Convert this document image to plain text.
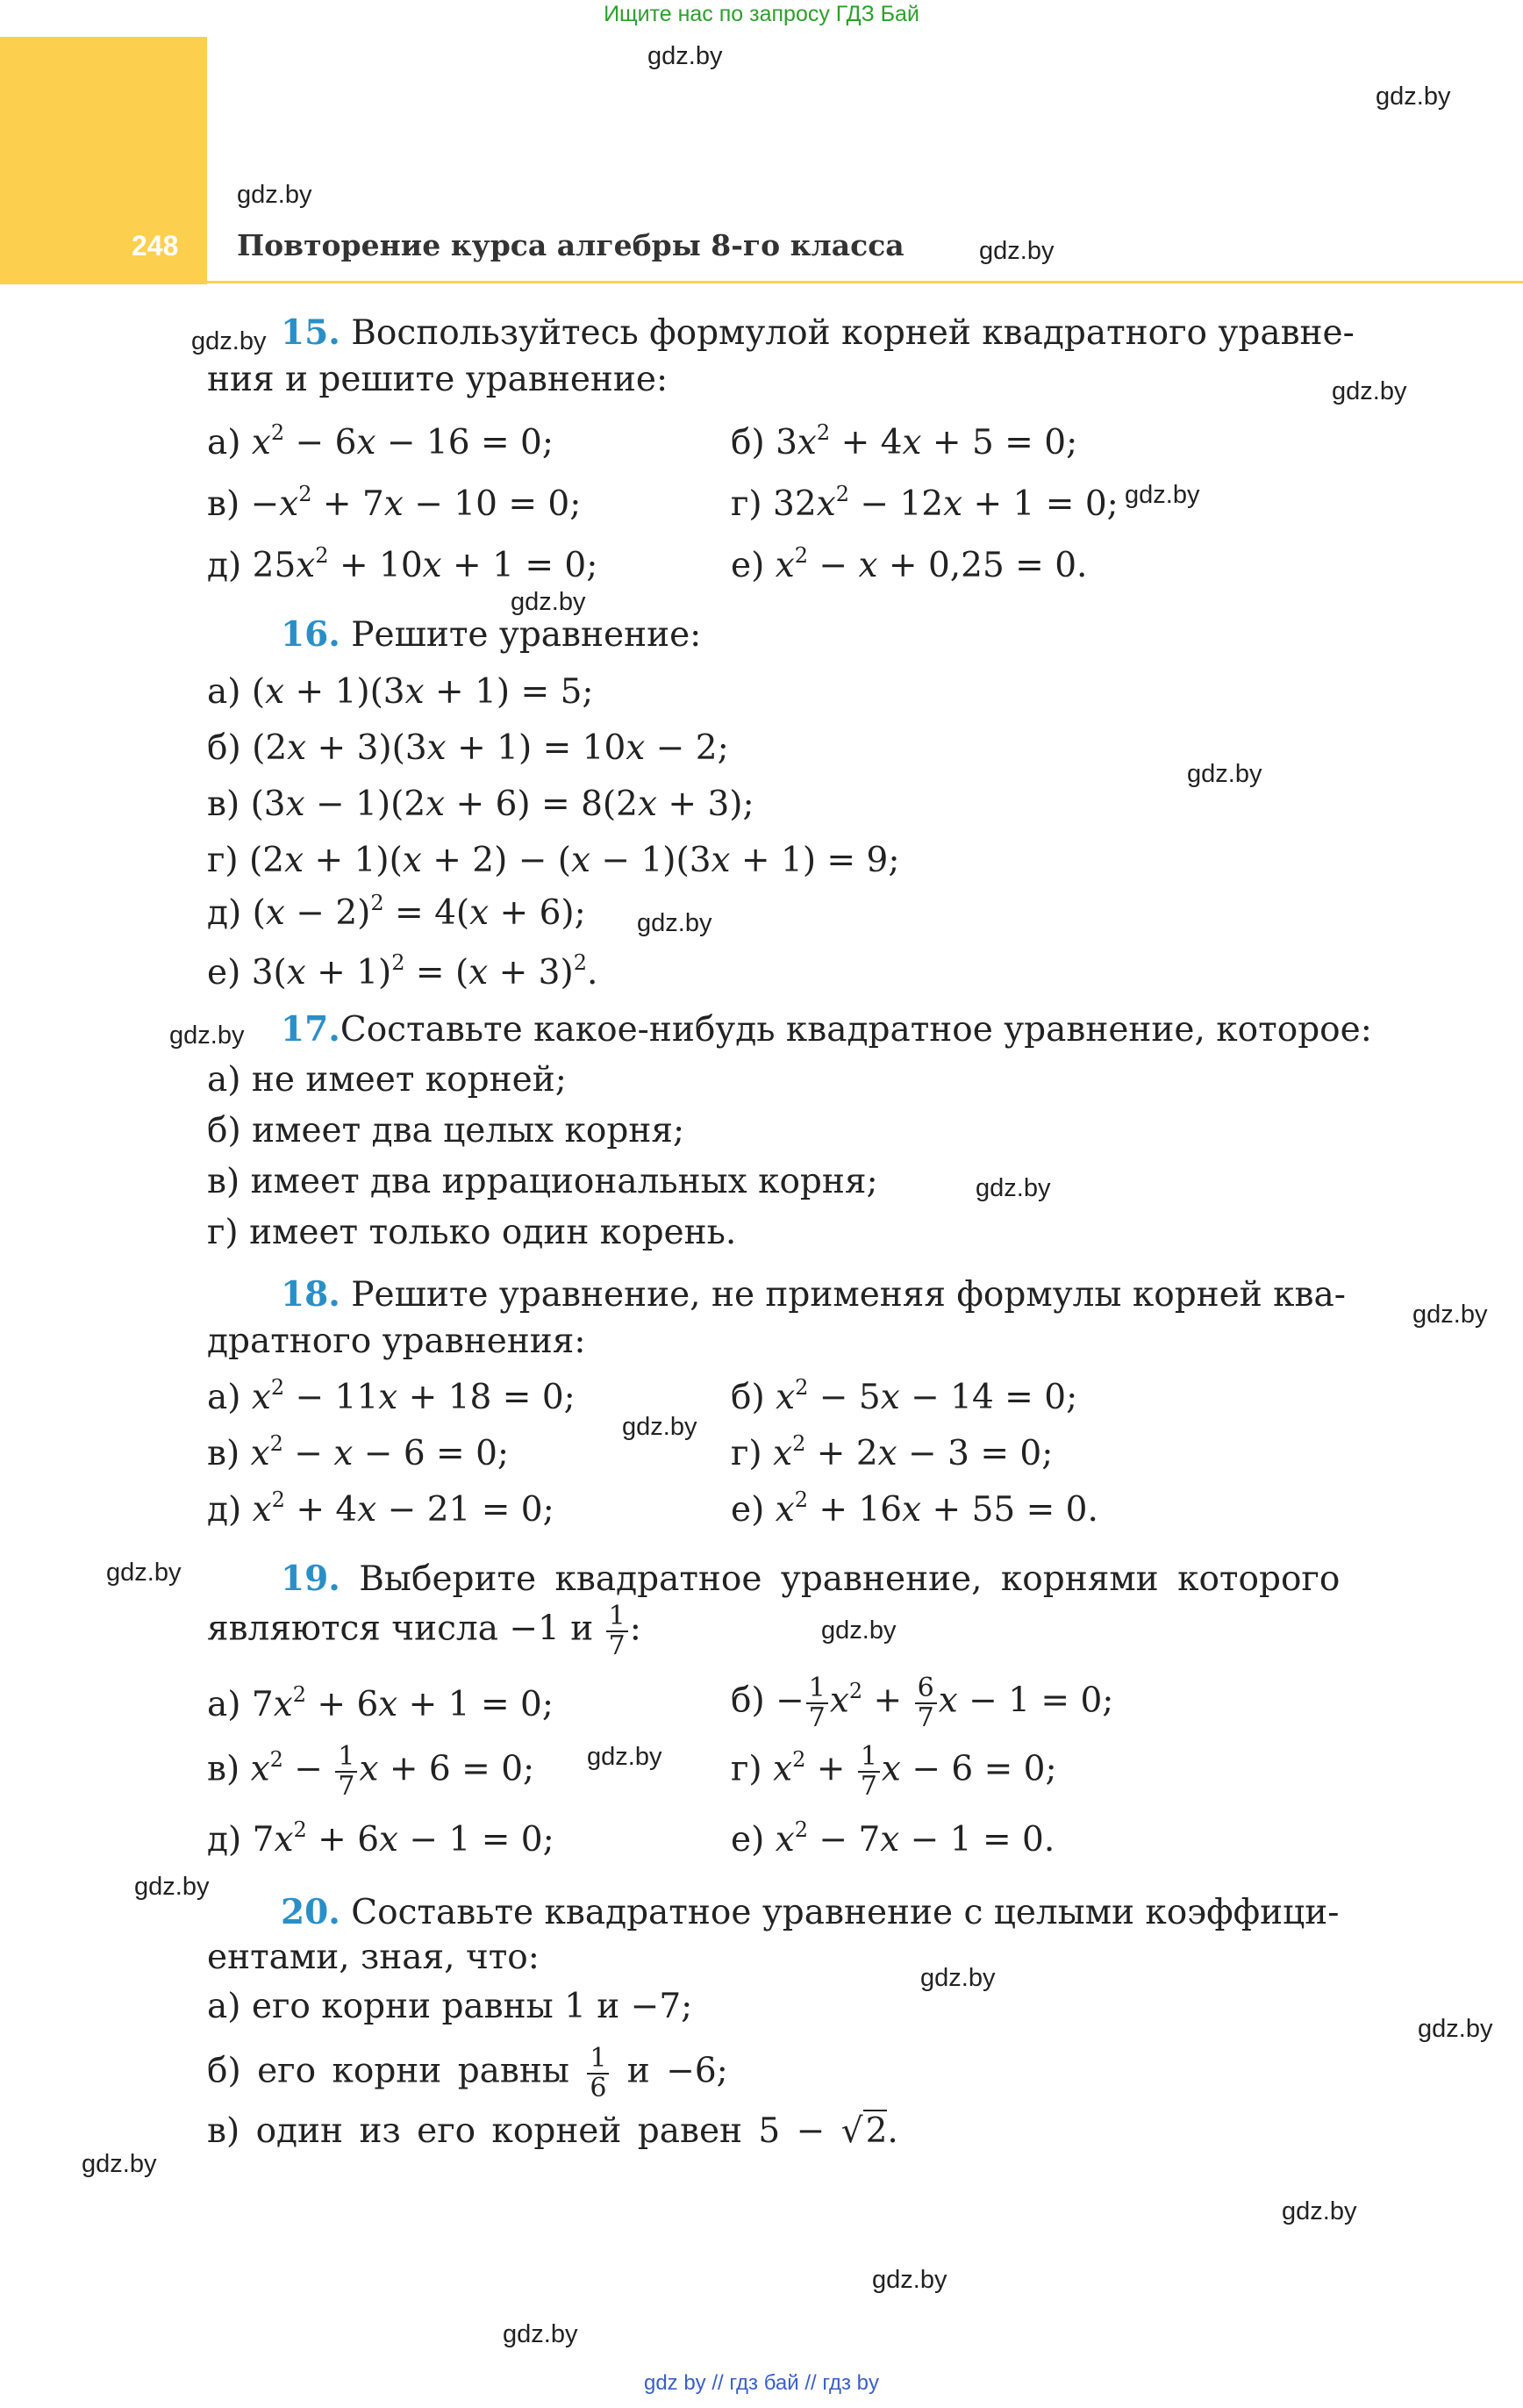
Ищите нас по запросу ГДЗ Бай
248 Повторение курса алгебры 8-го класса
gdz.by
gdz.by
gdz.by
gdz.by
gdz.by
gdz.by
gdz.by
gdz.by
gdz.by
gdz.by
gdz.by
gdz.by
gdz.by
gdz.by
gdz.by
gdz.by
gdz.by
gdz.by
gdz.by
gdz.by
gdz.by
gdz.by
gdz.by
gdz.by
15. Воспользуйтесь формулой корней квадратного уравне-
ния и решите уравнение:
а) $x^2 - 6x - 16 = 0$;	б) $3x^2 + 4x + 5 = 0$;
$в) -x^2 + 7x - 10 = 0$;	г) $32x^2 - 12x + 1 = 0$;
д) $25x^2 + 10x + 1 = 0$;	е) $x^2 - x + 0,25 = 0$.
16. Решите уравнение:
а) (x + 1)(3x + 1) = 5;
б) (2x + 3)(3x + 1) = 10x − 2;
в) (3x − 1)(2x + 6) = 8(2x + 3);
г) (2x + 1)(x + 2) − (x − 1)(3x + 1) = 9;
д) $(x - 2)^2 = 4(x + 6)$;
е) $3(x + 1)^2 = (x + 3)^2$.
17.Составьте какое-нибудь квадратное уравнение, которое:
а) не имеет корней;
б) имеет два целых корня;
в) имеет два иррациональных корня;
г) имеет только один корень.
18. Решите уравнение, не применяя формулы корней ква-
дратного уравнения:
а) $x^2 - 11x + 18 = 0$;	б) $x^2 - 5x - 14 = 0$;
в) $x^2 - x - 6 = 0$;	г) $x^2 + 2x - 3 = 0$;
д) $x^2 + 4x - 21 = 0$;	е) $x^2 + 16x + 55 = 0$.
19. Выберите квадратное уравнение, корнями которого
являются числа −1 и $\frac{1}{7}$ :
а) $7x^2 + 6x + 1 = 0$;	$б) - \frac{1}{7} x^2 + \frac{6}{7}$ x − 1 = 0;
в) $x^2 - \frac{1}{7}$ x + 6 = 0;	г) $x^2 + \frac{1}{7}$ x − 6 = 0;
д) $7x^2 + 6x - 1 = 0$;	е) $x^2 - 7x - 1 = 0$.
20. Составьте квадратное уравнение с целыми коэффици-
ентами, зная, что:
а) его корни равны 1 и −7;
б) его корни равны $\frac{1}{6}$ и −6;
в) один из его корней равен 5 − √2.
gdz by // гдз бай // гдз by
